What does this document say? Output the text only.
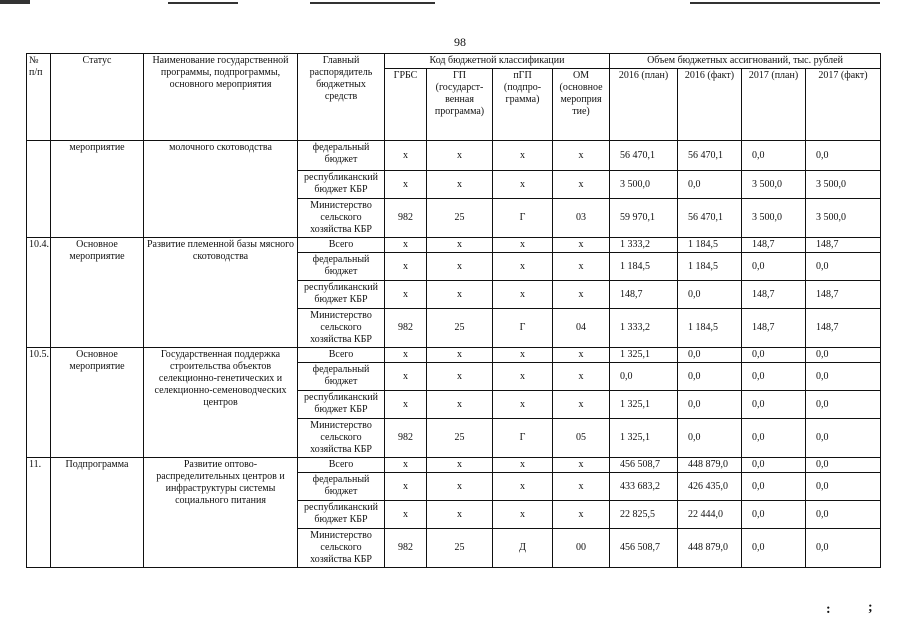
98
№ п/п	Статус	Наименование государственной программы, подпрограммы, основного мероприятия	Главный распорядитель бюджетных средств	Код бюджетной классификации				Объем бюджетных ассигнований, тыс. рублей			
				ГРБС	ГП (государст-венная программа)	пГП (подпро-грамма)	ОМ (основное мероприя тие)	2016 (план)	2016 (факт)	2017 (план)	2017 (факт)
	мероприятие	молочного скотоводства	федеральный бюджет	х	х	х	х	56 470,1	56 470,1	0,0	0,0
			республиканский бюджет КБР	х	х	х	х	3 500,0	0,0	3 500,0	3 500,0
			Министерство сельского хозяйства КБР	982	25	Г	03	59 970,1	56 470,1	3 500,0	3 500,0
10.4.	Основное мероприятие	Развитие племенной базы мясного скотоводства	Всего	х	х	х	х	1 333,2	1 184,5	148,7	148,7
			федеральный бюджет	х	х	х	х	1 184,5	1 184,5	0,0	0,0
			республиканский бюджет КБР	х	х	х	х	148,7	0,0	148,7	148,7
			Министерство сельского хозяйства КБР	982	25	Г	04	1 333,2	1 184,5	148,7	148,7
10.5.	Основное мероприятие	Государственная поддержка строительства объектов селекционно-генетических и селекционно-семеноводческих центров	Всего	х	х	х	х	1 325,1	0,0	0,0	0,0
			федеральный бюджет	х	х	х	х	0,0	0,0	0,0	0,0
			республиканский бюджет КБР	х	х	х	х	1 325,1	0,0	0,0	0,0
			Министерство сельского хозяйства КБР	982	25	Г	05	1 325,1	0,0	0,0	0,0
11.	Подпрограмма	Развитие оптово-распределительных центров и инфраструктуры системы социального питания	Всего	х	х	х	х	456 508,7	448 879,0	0,0	0,0
			федеральный бюджет	х	х	х	х	433 683,2	426 435,0	0,0	0,0
			республиканский бюджет КБР	х	х	х	х	22 825,5	22 444,0	0,0	0,0
			Министерство сельского хозяйства КБР	982	25	Д	00	456 508,7	448 879,0	0,0	0,0
:	;
